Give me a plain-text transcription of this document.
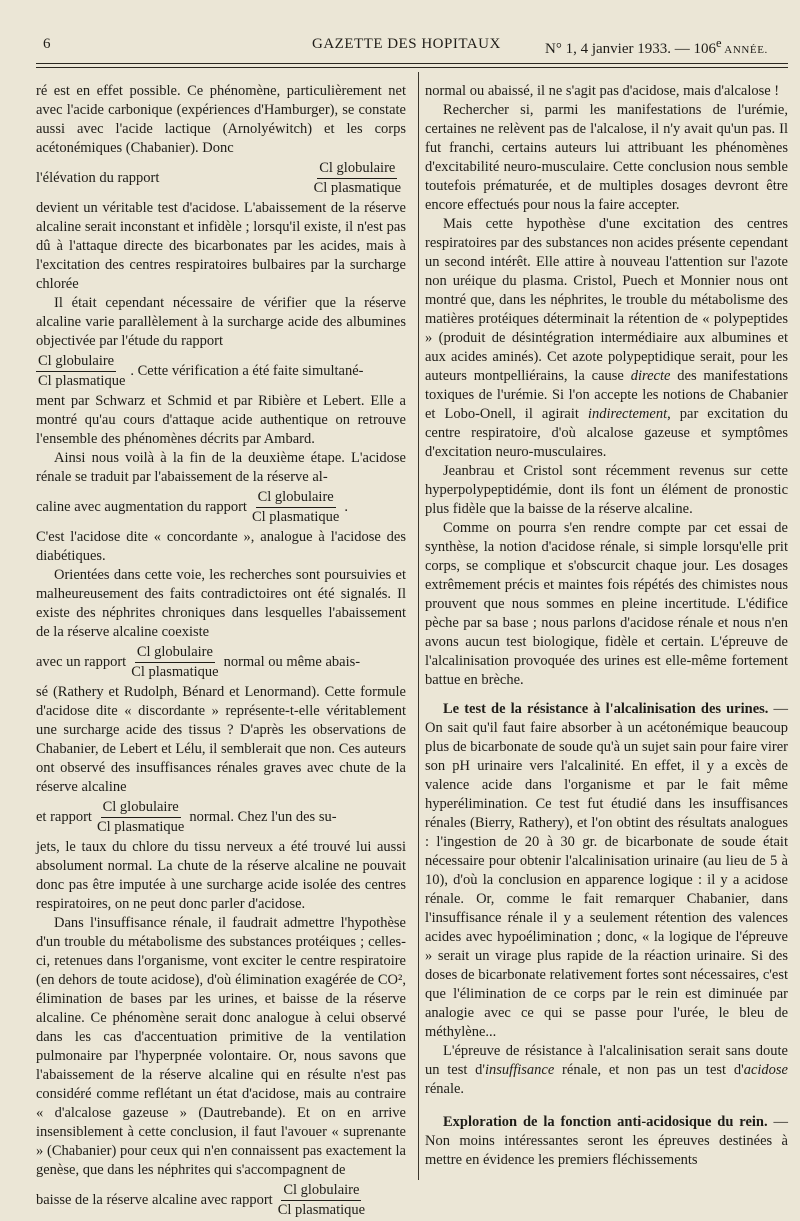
6	GAZETTE DES HOPITAUX	N° 1, 4 janvier 1933. — 106e ANNÉE.

ré est en effet possible. Ce phénomène, particulièrement net avec l'acide carbonique (expériences d'Hamburger), se constate aussi avec l'acide lactique (Arnolyéwitch) et les corps acétonémiques (Chabanier). Donc

l'élévation du rapport	$\frac{\text{Cl globulaire}}{\text{Cl plasmatique}}$

devient un véritable test d'acidose. L'abaissement de la réserve alcaline serait inconstant et infidèle ; lorsqu'il existe, il n'est pas dû à l'attaque directe des bicarbonates par les acides, mais à l'excitation des centres respiratoires bulbaires par la surcharge chlorée

Il était cependant nécessaire de vérifier que la réserve alcaline varie parallèlement à la surcharge acide des albumines objectivée par l'étude du rapport

$\frac{\text{Cl globulaire}}{\text{Cl plasmatique}}$ . Cette vérification a été faite simultané-

ment par Schwarz et Schmid et par Ribière et Lebert. Elle a montré qu'au cours d'attaque acide authentique on retrouve l'ensemble des phénomènes décrits par Ambard.

Ainsi nous voilà à la fin de la deuxième étape. L'acidose rénale se traduit par l'abaissement de la réserve al-

caline avec augmentation du rapport $\frac{\text{Cl globulaire}}{\text{Cl plasmatique}}$ .

C'est l'acidose dite « concordante », analogue à l'acidose des diabétiques.

Orientées dans cette voie, les recherches sont poursuivies et malheureusement des faits contradictoires ont été signalés. Il existe des néphrites chroniques dans lesquelles l'abaissement de la réserve alcaline coexiste

avec un rapport $\frac{\text{Cl globulaire}}{\text{Cl plasmatique}}$ normal ou même abais-

sé (Rathery et Rudolph, Bénard et Lenormand). Cette formule d'acidose dite « discordante » représente-t-elle véritablement une surcharge acide des tissus ? D'après les observations de Chabanier, de Lebert et Lélu, il semblerait que non. Ces auteurs ont observé des insuffisances rénales graves avec chute de la réserve alcaline

et rapport $\frac{\text{Cl globulaire}}{\text{Cl plasmatique}}$ normal. Chez l'un des su-

jets, le taux du chlore du tissu nerveux a été trouvé lui aussi absolument normal. La chute de la réserve alcaline ne pouvait donc pas être imputée à une surcharge acide isolée des centres respiratoires, on ne peut donc parler d'acidose.

Dans l'insuffisance rénale, il faudrait admettre l'hypothèse d'un trouble du métabolisme des substances protéiques ; celles-ci, retenues dans l'organisme, vont exciter le centre respiratoire (en dehors de toute acidose), d'où élimination exagérée de CO², élimination de bases par les urines, et baisse de la réserve alcaline. Ce phénomène serait donc analogue à celui observé dans les cas d'accentuation primitive de la ventilation pulmonaire par l'hyperpnée volontaire. Or, nous savons que l'abaissement de la réserve alcaline qui en résulte n'est pas considéré comme reflétant un état d'acidose, mais au contraire « d'alcalose gazeuse » (Dautrebande). Et on en arrive insensiblement à cette conclusion, il faut l'avouer « suprenante » (Chabanier) pour ceux qui n'en connaissent pas exactement la genèse, que dans les néphrites qui s'accompagnent de

baisse de la réserve alcaline avec rapport $\frac{\text{Cl globulaire}}{\text{Cl plasmatique}}$

normal ou abaissé, il ne s'agit pas d'acidose, mais d'alcalose !

Rechercher si, parmi les manifestations de l'urémie, certaines ne relèvent pas de l'alcalose, il n'y avait qu'un pas. Il fut franchi, certains auteurs lui attribuant les phénomènes d'excitabilité neuro-musculaire. Cette conclusion nous semble toutefois prématurée, et de multiples dosages devront être encore effectués pour nous la faire accepter.

Mais cette hypothèse d'une excitation des centres respiratoires par des substances non acides présente cependant un second intérêt. Elle attire à nouveau l'attention sur l'azote non uréique du plasma. Cristol, Puech et Monnier nous ont montré que, dans les néphrites, le trouble du métabolisme des matières protéiques déterminait la rétention de « polypeptides » (produit de désintégration intermédiaire aux albumines et aux acides aminés). Cet azote polypeptidique serait, pour les auteurs montpelliérains, la cause directe des manifestations toxiques de l'urémie. Si l'on accepte les notions de Chabanier et Lobo-Onell, il agirait indirectement, par excitation du centre respiratoire, d'où alcalose gazeuse et symptômes d'excitation neuro-musculaires.

Jeanbrau et Cristol sont récemment revenus sur cette hyperpolypeptidémie, dont ils font un élément de pronostic plus fidèle que la baisse de la réserve alcaline.

Comme on pourra s'en rendre compte par cet essai de synthèse, la notion d'acidose rénale, si simple lorsqu'elle prit corps, se complique et s'obscurcit chaque jour. Les dosages extrêmement précis et maintes fois répétés des chimistes nous prouvent que nous sommes en pleine incertitude. L'édifice pèche par sa base ; nous parlons d'acidose rénale et nous n'en avons aucun test biologique, fidèle et certain. L'épreuve de l'alcalinisation provoquée des urines est elle-même fortement battue en brèche.

Le test de la résistance à l'alcalinisation des urines. — On sait qu'il faut faire absorber à un acétonémique beaucoup plus de bicarbonate de soude qu'à un sujet sain pour faire virer son pH urinaire vers l'alcalinité. En effet, il y a excès de valence acide dans l'organisme et par le fait même hyperélimination. Ce test fut étudié dans les insuffisances rénales (Bierry, Rathery), et l'on obtint des résultats analogues : l'ingestion de 20 à 30 gr. de bicarbonate de soude était nécessaire pour obtenir l'alcalinisation urinaire (au lieu de 5 à 10), d'où la conclusion en apparence logique : il y a acidose rénale. Or, comme le fait remarquer Chabanier, dans l'insuffisance rénale il y a seulement rétention des valences acides avec hypoélimination ; donc, « la logique de l'épreuve » serait un virage plus rapide de la réaction urinaire. Si des doses de bicarbonate relativement fortes sont nécessaires, c'est que l'élimination de ce corps par le rein est diminuée par analogie avec ce qui se passe pour l'urée, le bleu de méthylène...

L'épreuve de résistance à l'alcalinisation serait sans doute un test d'insuffisance rénale, et non pas un test d'acidose rénale.

Exploration de la fonction anti-acidosique du rein. — Non moins intéressantes seront les épreuves destinées à mettre en évidence les premiers fléchissements
